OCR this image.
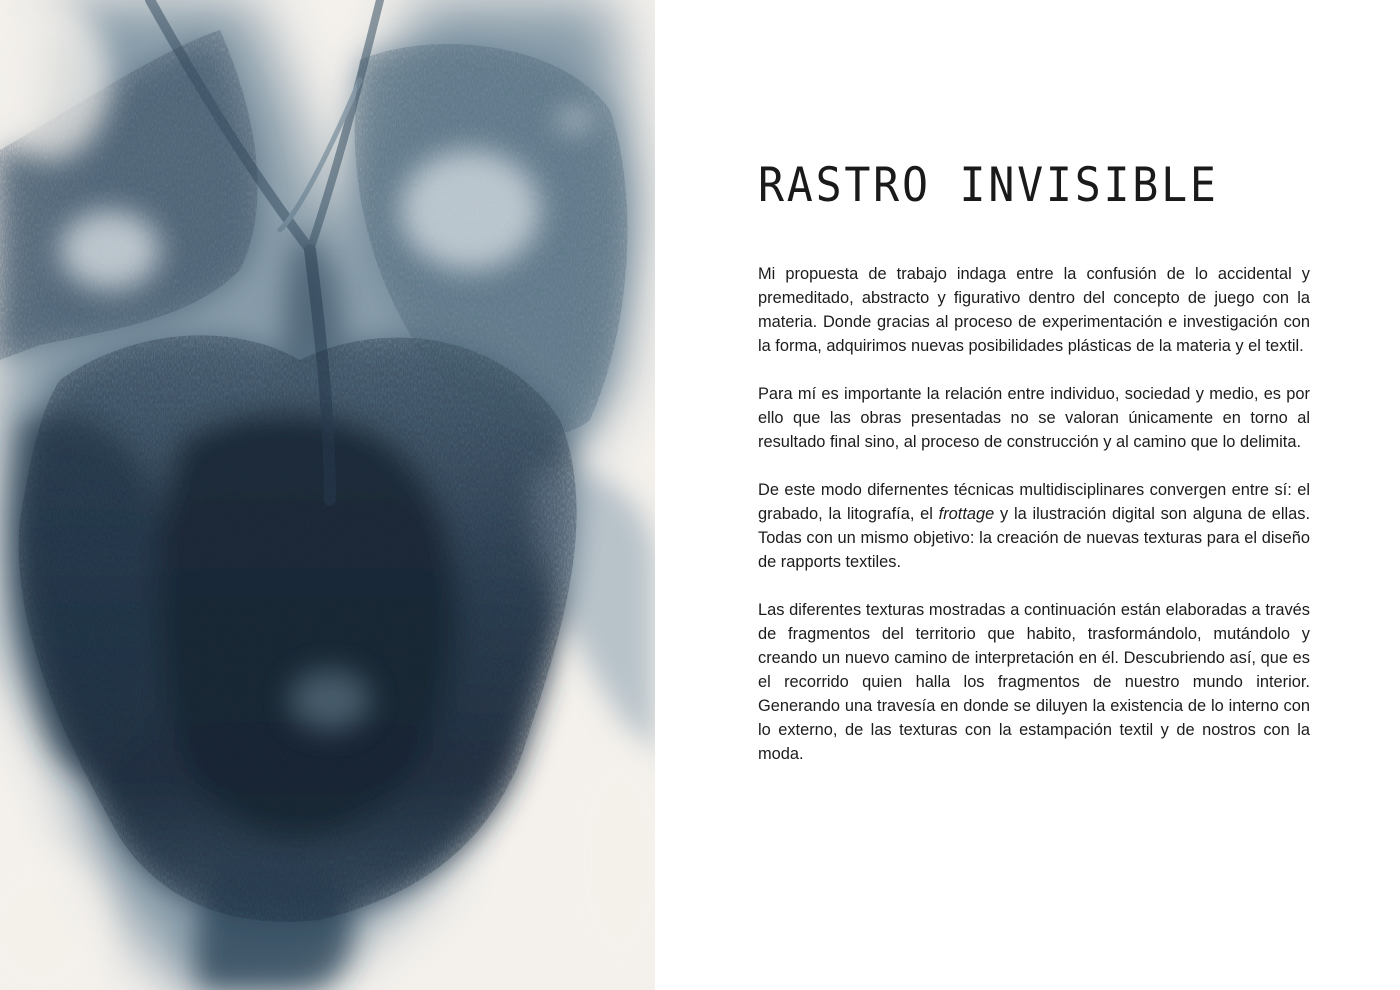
RASTRO INVISIBLE

Mi propuesta de trabajo indaga entre la confusión de lo accidental y premeditado, abstracto y figurativo dentro del concepto de juego con la materia. Donde gracias al proceso de experimentación e investigación con la forma, adquirimos nuevas posibilidades plásticas de la materia y el textil.

Para mí es importante la relación entre individuo, sociedad y medio, es por ello que las obras presentadas no se valoran únicamente en torno al resultado final sino, al proceso de construcción y al camino que lo delimita.

De este modo difernentes técnicas multidisciplinares convergen entre sí: el grabado, la litografía, el frottage y la ilustración digital son alguna de ellas. Todas con un mismo objetivo: la creación de nuevas texturas para el diseño de rapports textiles.

Las diferentes texturas mostradas a continuación están elaboradas a través de fragmentos del territorio que habito, trasformándolo, mutándolo y creando un nuevo camino de interpretación en él. Descubriendo así, que es el recorrido quien halla los fragmentos de nuestro mundo interior. Generando una travesía en donde se diluyen la existencia de lo interno con lo externo, de las texturas con la estampación textil y de nostros con la moda.
